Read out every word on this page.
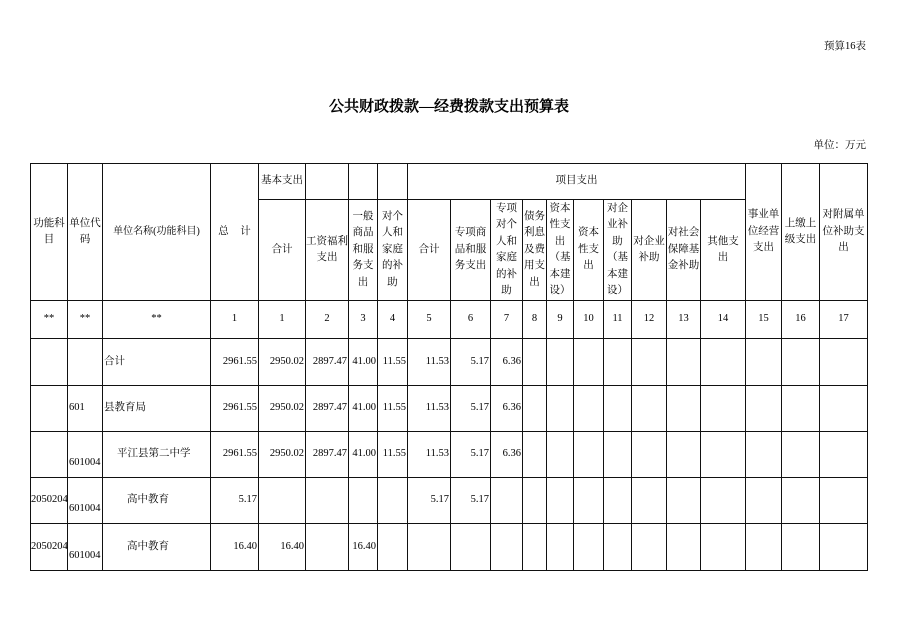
预算16表
公共财政拨款—经费拨款支出预算表
单位：万元
功能科目	单位代码	单位名称(功能科目)	总 计	基本支出				项目支出										事业单位经营支出	上缴上级支出	对附属单位补助支出
				合计	工资福利支出	一般商品和服务支出	对个人和家庭的补助	合计	专项商品和服务支出	专项对个人和家庭的补助	债务利息及费用支出	资本性支出（基本建设）	资本性支出	对企业补助（基本建设）	对企业补助	对社会保障基金补助	其他支出			
**	**	**	1	1	2	3	4	5	6	7	8	9	10	11	12	13	14	15	16	17
		合计	2961.55	2950.02	2897.47	41.00	11.55	11.53	5.17	6.36										
	601	县教育局	2961.55	2950.02	2897.47	41.00	11.55	11.53	5.17	6.36										
	601004	平江县第二中学	2961.55	2950.02	2897.47	41.00	11.55	11.53	5.17	6.36										
2050204	601004	高中教育	5.17					5.17	5.17											
2050204	601004	高中教育	16.40	16.40		16.40														
